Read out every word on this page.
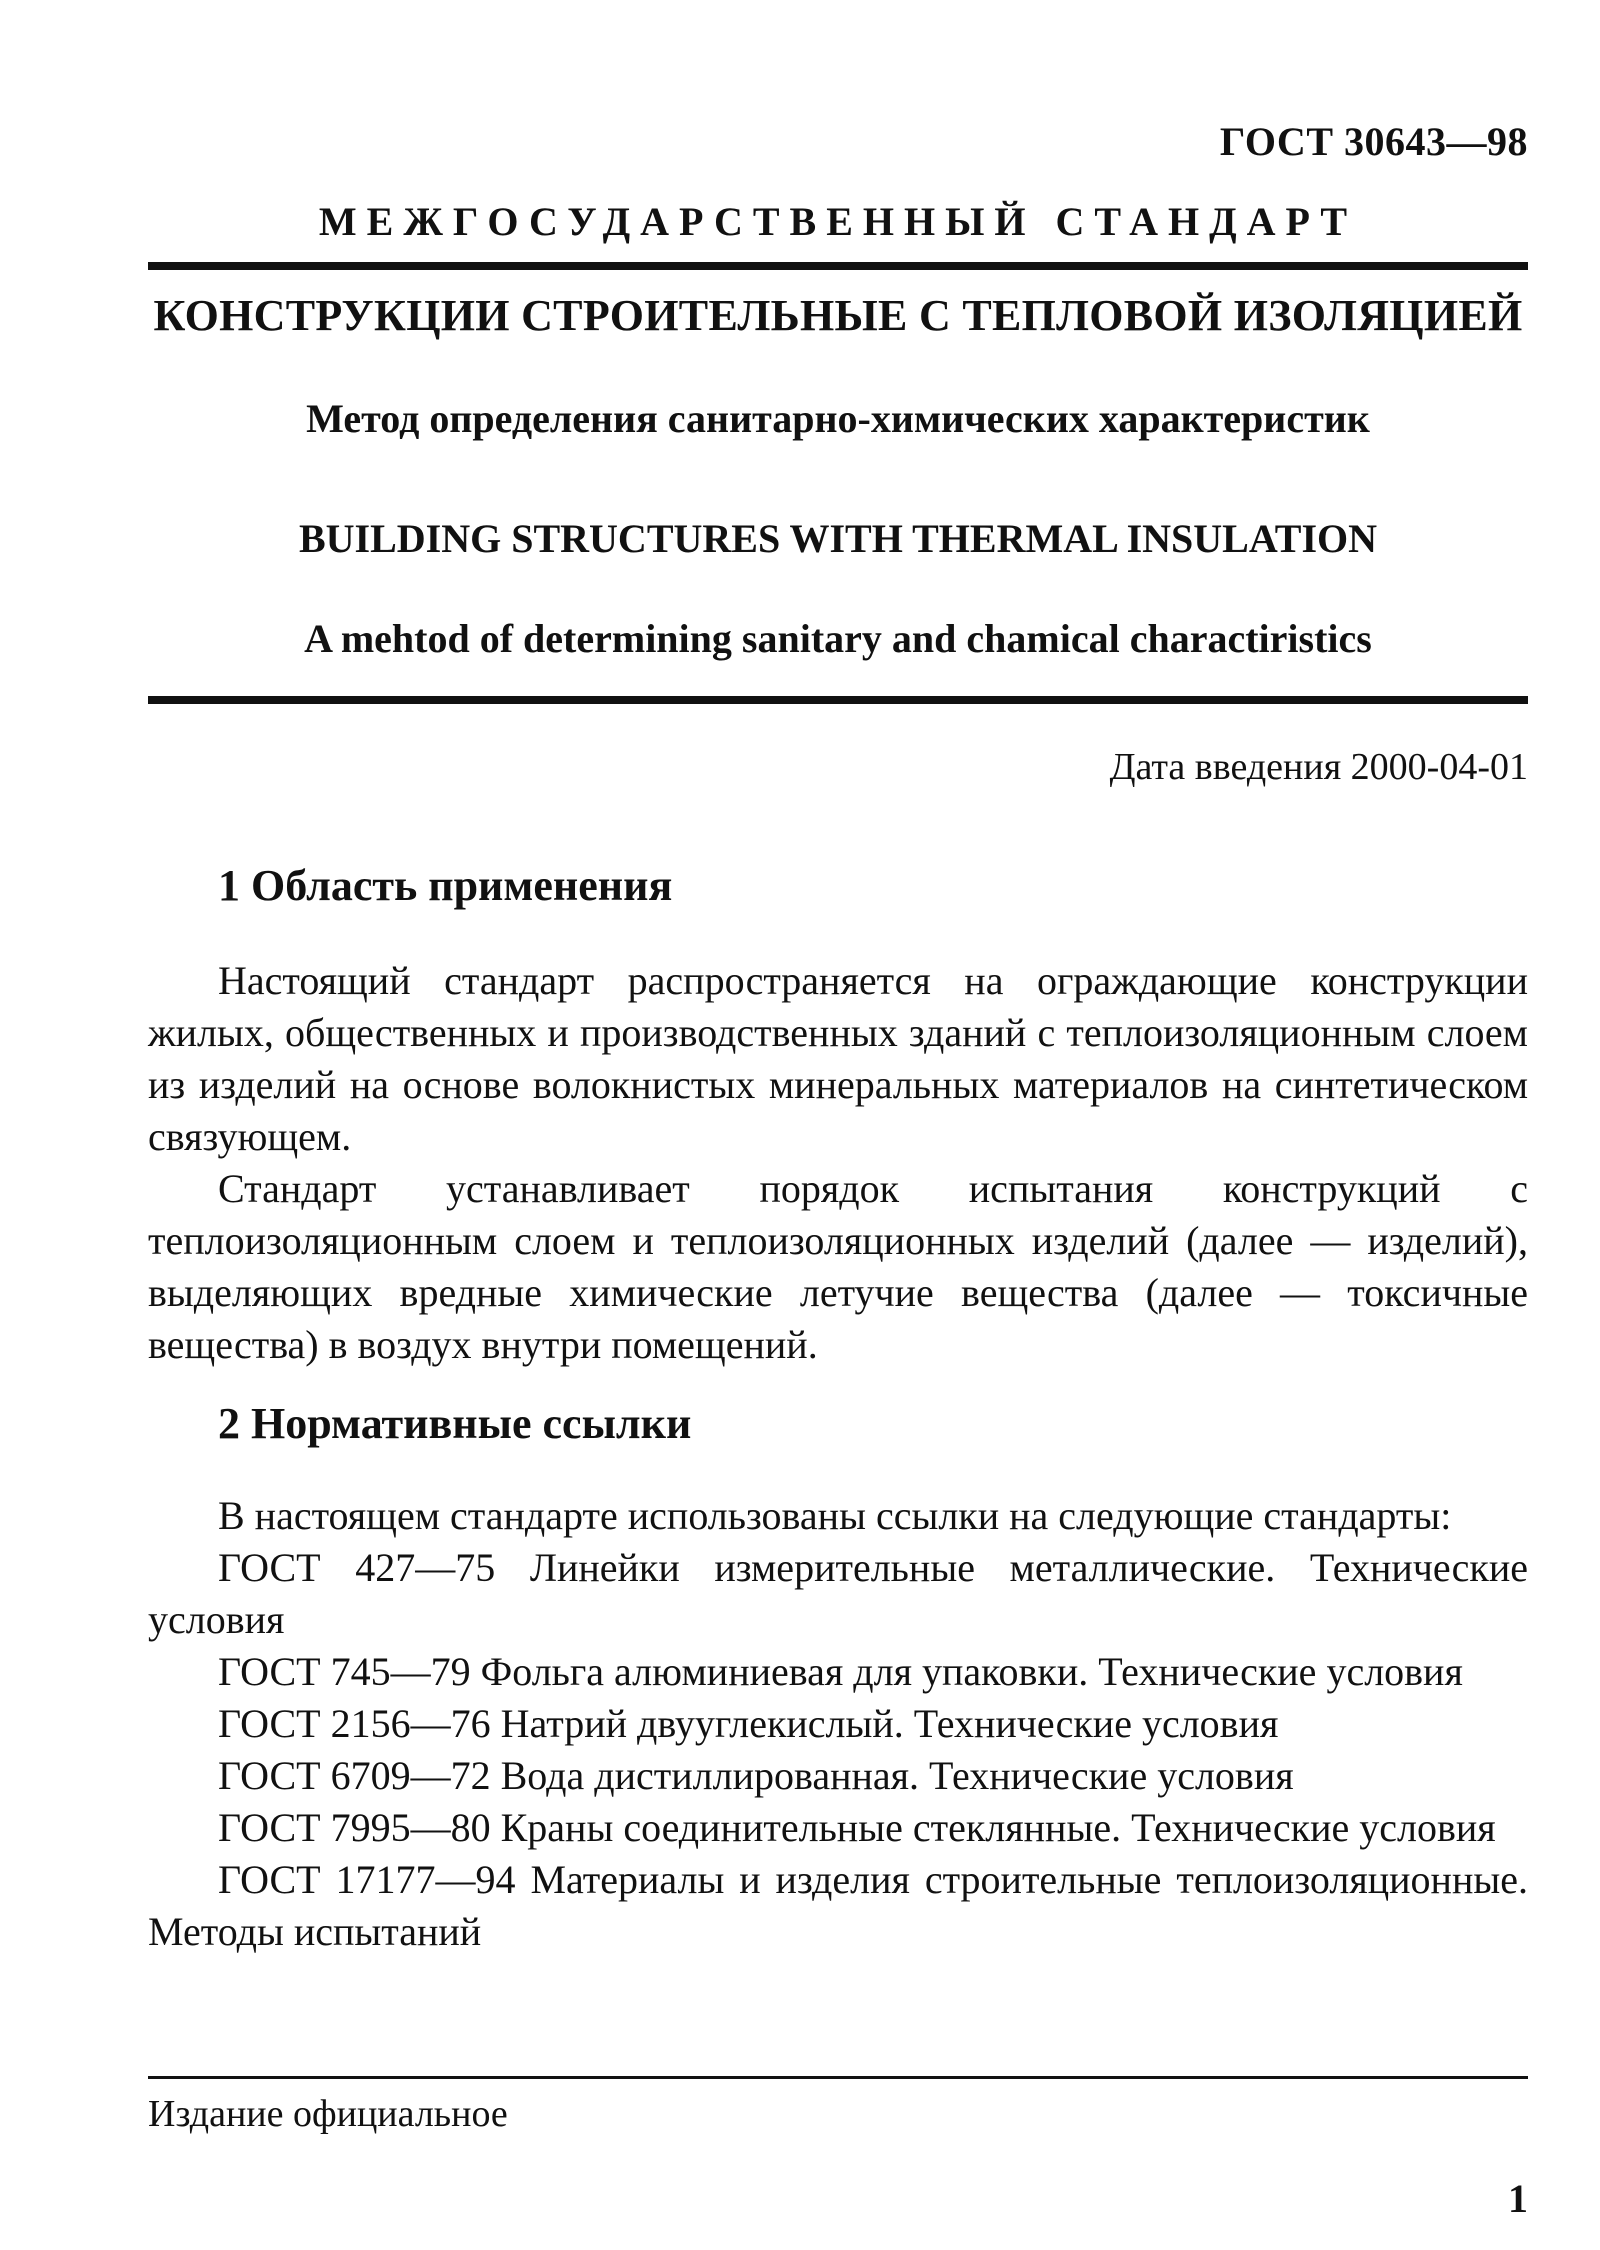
ГОСТ 30643—98
МЕЖГОСУДАРСТВЕННЫЙ СТАНДАРТ
КОНСТРУКЦИИ СТРОИТЕЛЬНЫЕ С ТЕПЛОВОЙ ИЗОЛЯЦИЕЙ
Метод определения санитарно-химических характеристик
BUILDING STRUCTURES WITH THERMAL INSULATION
A mehtod of determining sanitary and chamical charactiristics
Дата введения 2000-04-01
1 Область применения

Настоящий стандарт распространяется на ограждающие конструкции жилых, общественных и производственных зданий с теплоизоляционным слоем из изделий на основе волокнистых минеральных материалов на синтетическом связующем.

Стандарт устанавливает порядок испытания конструкций с теплоизоляционным слоем и теплоизоляционных изделий (далее — изделий), выделяющих вредные химические летучие вещества (далее — токсичные вещества) в воздух внутри помещений.

2 Нормативные ссылки

В настоящем стандарте использованы ссылки на следующие стандарты:

ГОСТ 427—75 Линейки измерительные металлические. Технические условия

ГОСТ 745—79 Фольга алюминиевая для упаковки. Технические условия

ГОСТ 2156—76 Натрий двууглекислый. Технические условия

ГОСТ 6709—72 Вода дистиллированная. Технические условия

ГОСТ 7995—80 Краны соединительные стеклянные. Технические условия

ГОСТ 17177—94 Материалы и изделия строительные теплоизоляционные. Методы испытаний

Издание официальное
1
